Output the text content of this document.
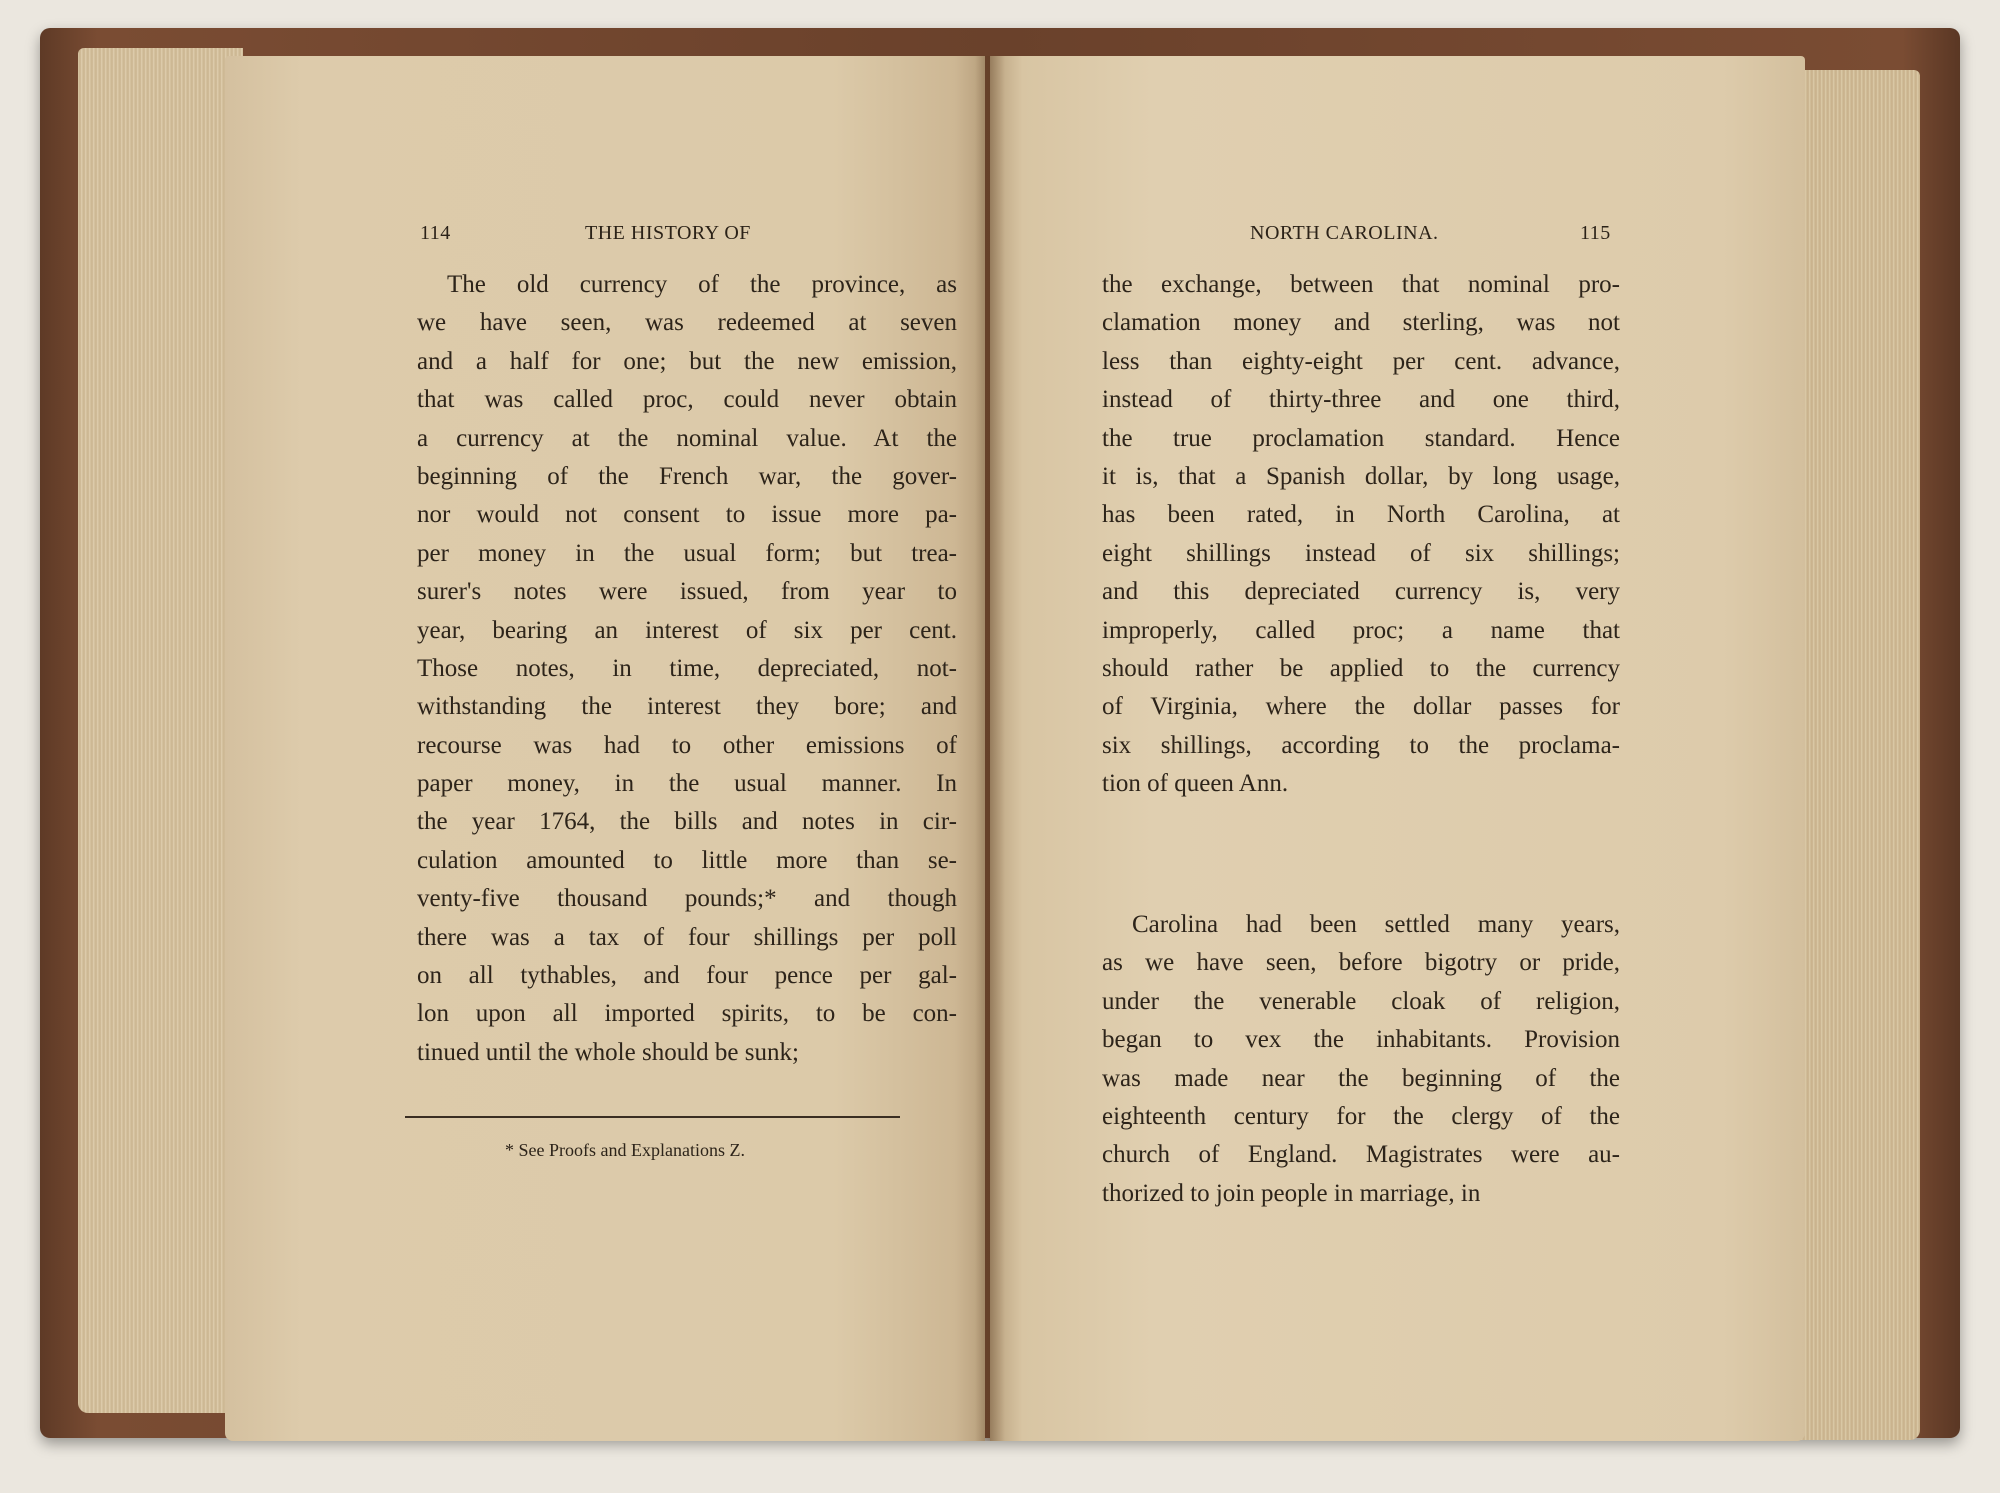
114	THE HISTORY OF
The old currency of the province, as
we have seen, was redeemed at seven
and a half for one; but the new emission,
that was called proc, could never obtain
a currency at the nominal value. At the
beginning of the French war, the gover-
nor would not consent to issue more pa-
per money in the usual form; but trea-
surer's notes were issued, from year to
year, bearing an interest of six per cent.
Those notes, in time, depreciated, not-
withstanding the interest they bore; and
recourse was had to other emissions of
paper money, in the usual manner. In
the year 1764, the bills and notes in cir-
culation amounted to little more than se-
venty-five thousand pounds;* and though
there was a tax of four shillings per poll
on all tythables, and four pence per gal-
lon upon all imported spirits, to be con-
tinued until the whole should be sunk;
NORTH CAROLINA.	115
the exchange, between that nominal pro-
clamation money and sterling, was not
less than eighty-eight per cent. advance,
instead of thirty-three and one third,
the true proclamation standard. Hence
it is, that a Spanish dollar, by long usage,
has been rated, in North Carolina, at
eight shillings instead of six shillings;
and this depreciated currency is, very
improperly, called proc; a name that
should rather be applied to the currency
of Virginia, where the dollar passes for
six shillings, according to the proclama-
tion of queen Ann.
Carolina had been settled many years,
as we have seen, before bigotry or pride,
under the venerable cloak of religion,
began to vex the inhabitants. Provision
was made near the beginning of the
eighteenth century for the clergy of the
church of England. Magistrates were au-
thorized to join people in marriage, in
* See Proofs and Explanations Z.
